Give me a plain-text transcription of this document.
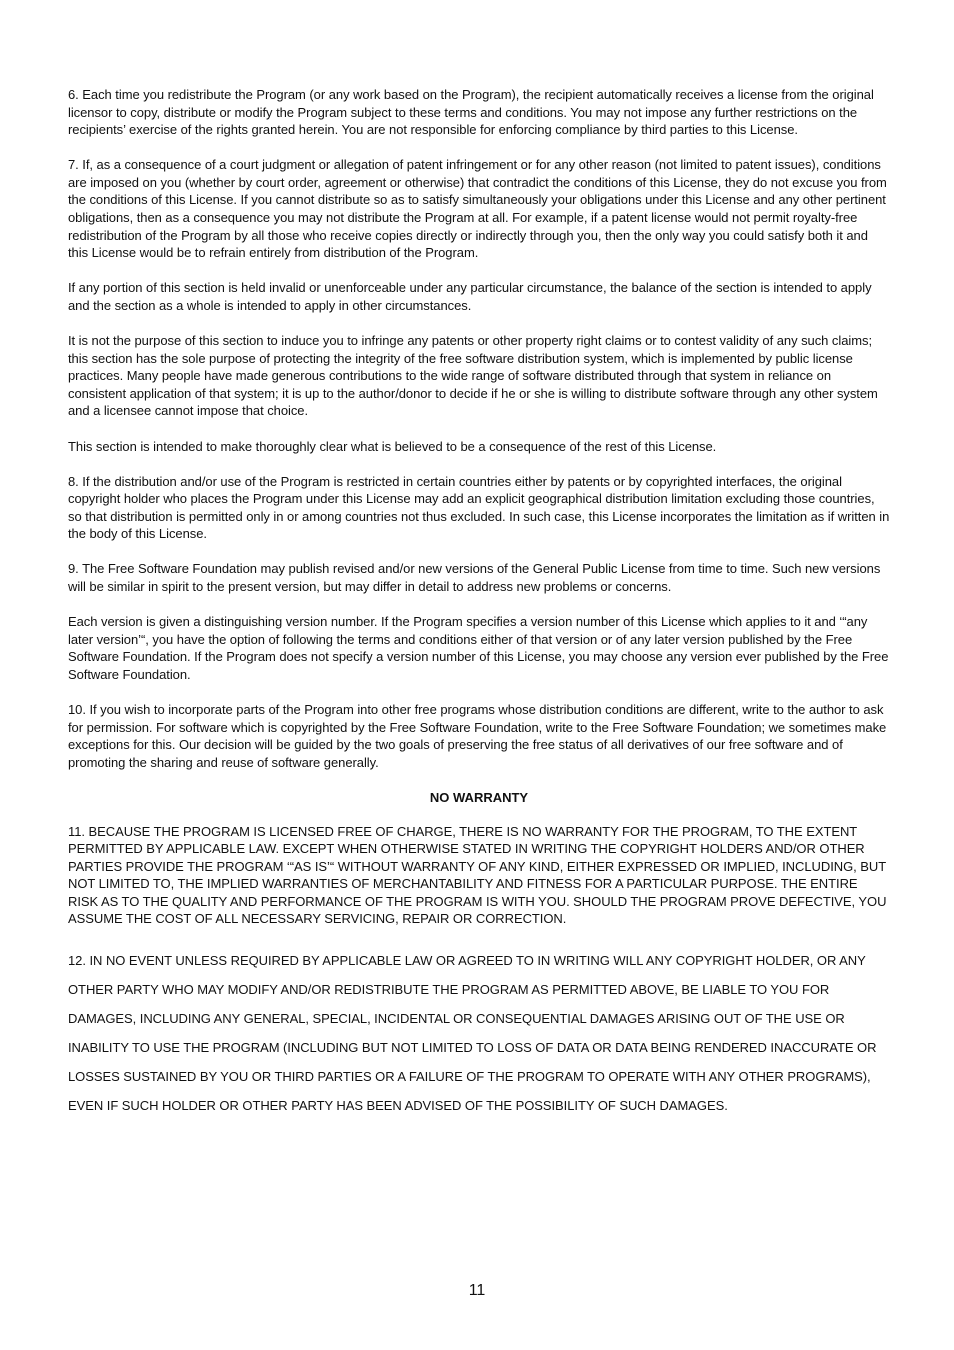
6. Each time you redistribute the Program (or any work based on the Program), the recipient automatically receives a license from the original licensor to copy, distribute or modify the Program subject to these terms and conditions. You may not impose any further restrictions on the recipients’ exercise of the rights granted herein. You are not responsible for enforcing compliance by third parties to this License.

7. If, as a consequence of a court judgment or allegation of patent infringement or for any other reason (not limited to patent issues), conditions are imposed on you (whether by court order, agreement or otherwise) that contradict the conditions of this License, they do not excuse you from the conditions of this License. If you cannot distribute so as to satisfy simultaneously your obligations under this License and any other pertinent obligations, then as a consequence you may not distribute the Program at all. For example, if a patent license would not permit royalty-free redistribution of the Program by all those who receive copies directly or indirectly through you, then the only way you could satisfy both it and this License would be to refrain entirely from distribution of the Program.

If any portion of this section is held invalid or unenforceable under any particular circumstance, the balance of the section is intended to apply and the section as a whole is intended to apply in other circumstances.

It is not the purpose of this section to induce you to infringe any patents or other property right claims or to contest validity of any such claims; this section has the sole purpose of protecting the integrity of the free software distribution system, which is implemented by public license practices. Many people have made generous contributions to the wide range of software distributed through that system in reliance on consistent application of that system; it is up to the author/donor to decide if he or she is willing to distribute software through any other system and a licensee cannot impose that choice.

This section is intended to make thoroughly clear what is believed to be a consequence of the rest of this License.

8. If the distribution and/or use of the Program is restricted in certain countries either by patents or by copyrighted interfaces, the original copyright holder who places the Program under this License may add an explicit geographical distribution limitation excluding those countries, so that distribution is permitted only in or among countries not thus excluded. In such case, this License incorporates the limitation as if written in the body of this License.

9. The Free Software Foundation may publish revised and/or new versions of the General Public License from time to time. Such new versions will be similar in spirit to the present version, but may differ in detail to address new problems or concerns.

Each version is given a distinguishing version number. If the Program specifies a version number of this License which applies to it and ‘“any later version’“, you have the option of following the terms and conditions either of that version or of any later version published by the Free Software Foundation. If the Program does not specify a version number of this License, you may choose any version ever published by the Free Software Foundation.

10. If you wish to incorporate parts of the Program into other free programs whose distribution conditions are different, write to the author to ask for permission. For software which is copyrighted by the Free Software Foundation, write to the Free Software Foundation; we sometimes make exceptions for this. Our decision will be guided by the two goals of preserving the free status of all derivatives of our free software and of promoting the sharing and reuse of software generally.

NO WARRANTY

11. BECAUSE THE PROGRAM IS LICENSED FREE OF CHARGE, THERE IS NO WARRANTY FOR THE PROGRAM, TO THE EXTENT PERMITTED BY APPLICABLE LAW. EXCEPT WHEN OTHERWISE STATED IN WRITING THE COPYRIGHT HOLDERS AND/OR OTHER PARTIES PROVIDE THE PROGRAM ‘“AS IS’“ WITHOUT WARRANTY OF ANY KIND, EITHER EXPRESSED OR IMPLIED, INCLUDING, BUT NOT LIMITED TO, THE IMPLIED WARRANTIES OF MERCHANTABILITY AND FITNESS FOR A PARTICULAR PURPOSE. THE ENTIRE RISK AS TO THE QUALITY AND PERFORMANCE OF THE PROGRAM IS WITH YOU. SHOULD THE PROGRAM PROVE DEFECTIVE, YOU ASSUME THE COST OF ALL NECESSARY SERVICING, REPAIR OR CORRECTION.

12. IN NO EVENT UNLESS REQUIRED BY APPLICABLE LAW OR AGREED TO IN WRITING WILL ANY COPYRIGHT HOLDER, OR ANY OTHER PARTY WHO MAY MODIFY AND/OR REDISTRIBUTE THE PROGRAM AS PERMITTED ABOVE, BE LIABLE TO YOU FOR DAMAGES, INCLUDING ANY GENERAL, SPECIAL, INCIDENTAL OR CONSEQUENTIAL DAMAGES ARISING OUT OF THE USE OR INABILITY TO USE THE PROGRAM (INCLUDING BUT NOT LIMITED TO LOSS OF DATA OR DATA BEING RENDERED INACCURATE OR LOSSES SUSTAINED BY YOU OR THIRD PARTIES OR A FAILURE OF THE PROGRAM TO OPERATE WITH ANY OTHER PROGRAMS), EVEN IF SUCH HOLDER OR OTHER PARTY HAS BEEN ADVISED OF THE POSSIBILITY OF SUCH DAMAGES.

11
